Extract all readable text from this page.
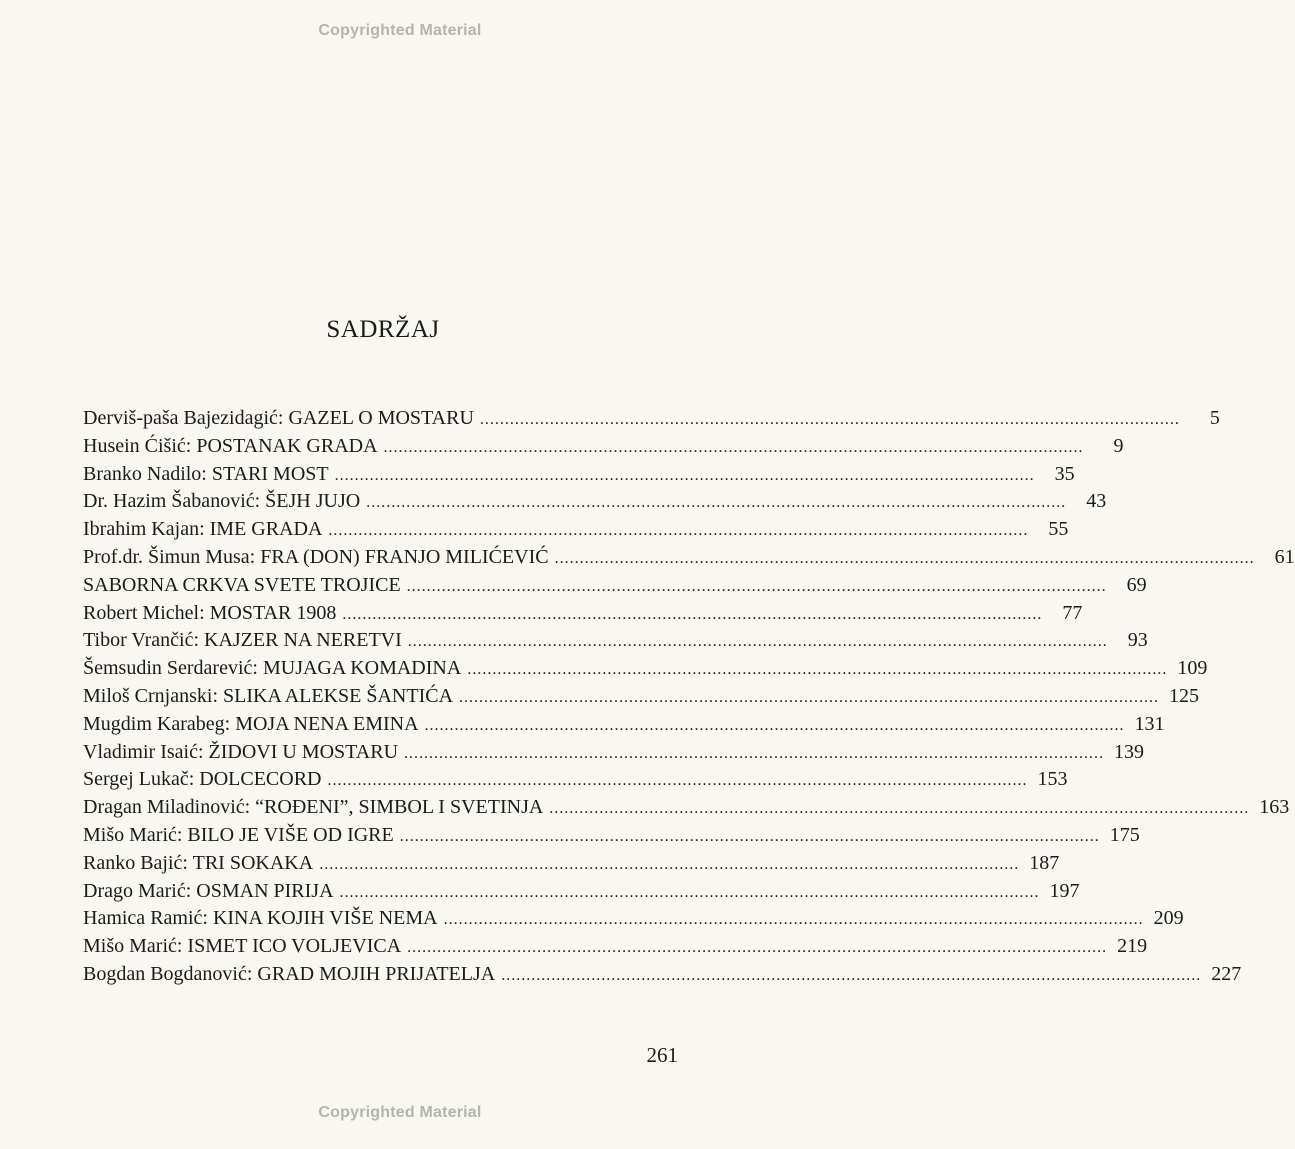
Copyrighted Material
SADRŽAJ
Derviš-paša Bajezidagić: GAZEL O MOSTARU ............................................................................................................................................	5
Husein Ćišić: POSTANAK GRADA ............................................................................................................................................	9
Branko Nadilo: STARI MOST ............................................................................................................................................	35
Dr. Hazim Šabanović: ŠEJH JUJO ............................................................................................................................................	43
Ibrahim Kajan: IME GRADA ............................................................................................................................................	55
Prof.dr. Šimun Musa: FRA (DON) FRANJO MILIĆEVIĆ ............................................................................................................................................	61
SABORNA CRKVA SVETE TROJICE ............................................................................................................................................	69
Robert Michel: MOSTAR 1908 ............................................................................................................................................	77
Tibor Vrančić: KAJZER NA NERETVI ............................................................................................................................................	93
Šemsudin Serdarević: MUJAGA KOMADINA ............................................................................................................................................ 109
Miloš Crnjanski: SLIKA ALEKSE ŠANTIĆA ............................................................................................................................................ 125
Mugdim Karabeg: MOJA NENA EMINA ............................................................................................................................................ 131
Vladimir Isaić: ŽIDOVI U MOSTARU ............................................................................................................................................ 139
Sergej Lukač: DOLCECORD ............................................................................................................................................ 153
Dragan Miladinović: “ROĐENI”, SIMBOL I SVETINJA ............................................................................................................................................ 163
Mišo Marić: BILO JE VIŠE OD IGRE ............................................................................................................................................ 175
Ranko Bajić: TRI SOKAKA ............................................................................................................................................ 187
Drago Marić: OSMAN PIRIJA ............................................................................................................................................ 197
Hamica Ramić: KINA KOJIH VIŠE NEMA ............................................................................................................................................ 209
Mišo Marić: ISMET ICO VOLJEVICA ............................................................................................................................................ 219
Bogdan Bogdanović: GRAD MOJIH PRIJATELJA ............................................................................................................................................ 227
261
Copyrighted Material
